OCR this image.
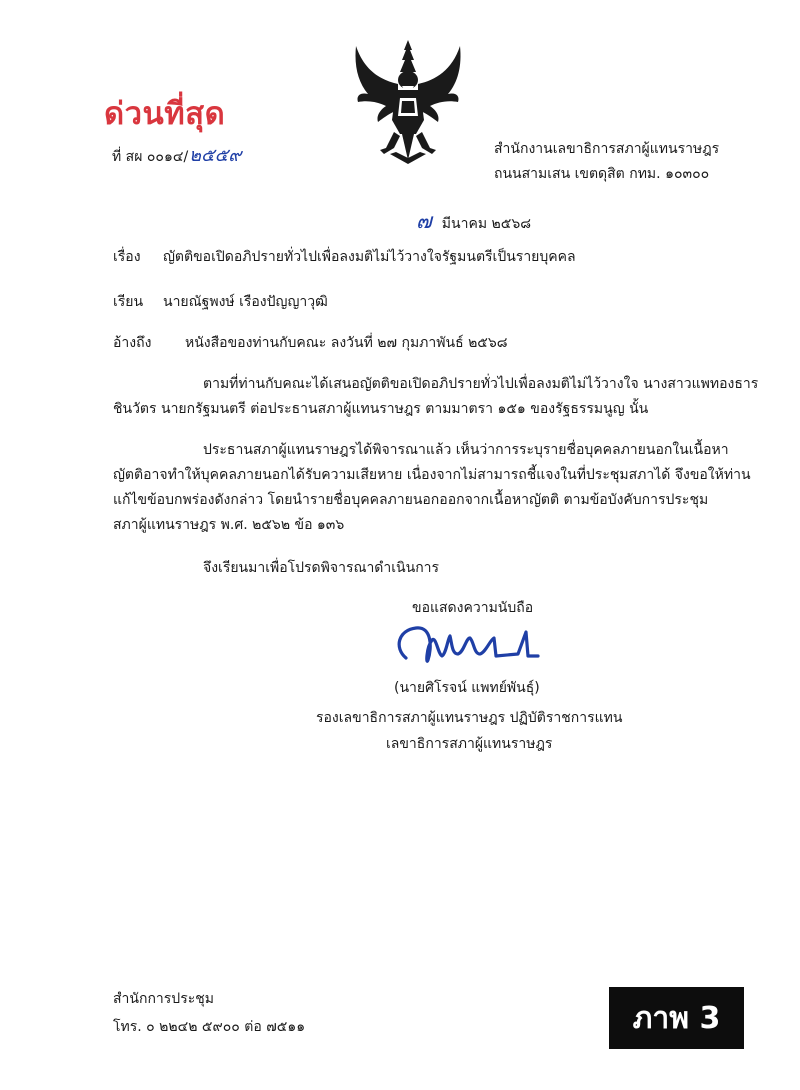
ด่วนที่สุด
ที่ สผ ๐๐๑๔/๒๕๕๙	สำนักงานเลขาธิการสภาผู้แทนราษฎร
ถนนสามเสน เขตดุสิต กทม. ๑๐๓๐๐
๗ มีนาคม ๒๕๖๘
เรื่อง ญัตติขอเปิดอภิปรายทั่วไปเพื่อลงมติไม่ไว้วางใจรัฐมนตรีเป็นรายบุคคล
เรียน นายณัฐพงษ์ เรืองปัญญาวุฒิ
อ้างถึง หนังสือของท่านกับคณะ ลงวันที่ ๒๗ กุมภาพันธ์ ๒๕๖๘
ตามที่ท่านกับคณะได้เสนอญัตติขอเปิดอภิปรายทั่วไปเพื่อลงมติไม่ไว้วางใจ นางสาวแพทองธาร
ชินวัตร นายกรัฐมนตรี ต่อประธานสภาผู้แทนราษฎร ตามมาตรา ๑๕๑ ของรัฐธรรมนูญ นั้น
ประธานสภาผู้แทนราษฎรได้พิจารณาแล้ว เห็นว่าการระบุรายชื่อบุคคลภายนอกในเนื้อหา
ญัตติอาจทำให้บุคคลภายนอกได้รับความเสียหาย เนื่องจากไม่สามารถชี้แจงในที่ประชุมสภาได้ จึงขอให้ท่าน
แก้ไขข้อบกพร่องดังกล่าว โดยนำรายชื่อบุคคลภายนอกออกจากเนื้อหาญัตติ ตามข้อบังคับการประชุม
สภาผู้แทนราษฎร พ.ศ. ๒๕๖๒ ข้อ ๑๓๖
จึงเรียนมาเพื่อโปรดพิจารณาดำเนินการ
ขอแสดงความนับถือ
(นายศิโรจน์ แพทย์พันธุ์)
รองเลขาธิการสภาผู้แทนราษฎร ปฏิบัติราชการแทน
เลขาธิการสภาผู้แทนราษฎร
สำนักการประชุม
โทร. ๐ ๒๒๔๒ ๕๙๐๐ ต่อ ๗๕๑๑	ภาพ 3
